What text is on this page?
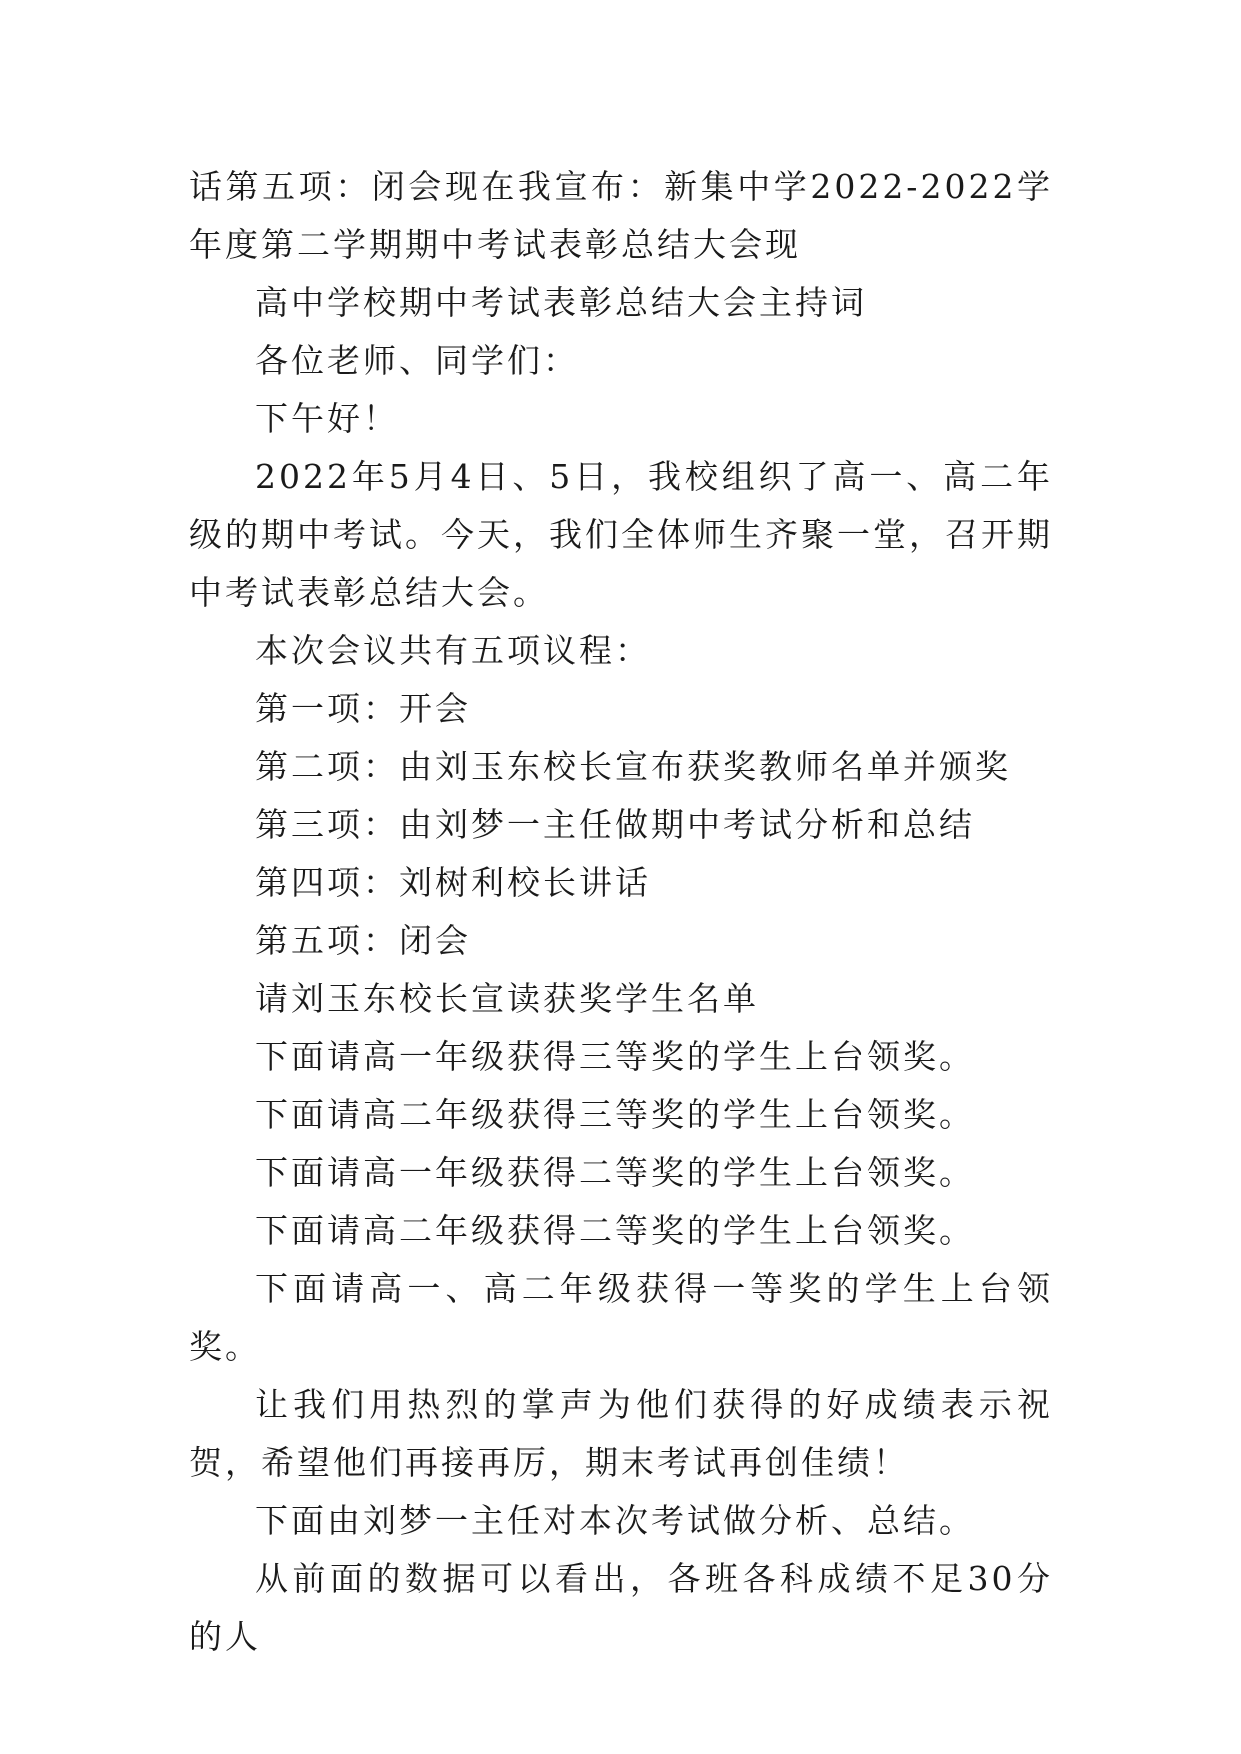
话第五项：闭会现在我宣布：新集中学2022-2022学年度第二学期期中考试表彰总结大会现

高中学校期中考试表彰总结大会主持词

各位老师、同学们：

下午好！

2022年5月4日、5日，我校组织了高一、高二年级的期中考试。今天，我们全体师生齐聚一堂，召开期中考试表彰总结大会。

本次会议共有五项议程：

第一项：开会

第二项：由刘玉东校长宣布获奖教师名单并颁奖

第三项：由刘梦一主任做期中考试分析和总结

第四项：刘树利校长讲话

第五项：闭会

请刘玉东校长宣读获奖学生名单

下面请高一年级获得三等奖的学生上台领奖。

下面请高二年级获得三等奖的学生上台领奖。

下面请高一年级获得二等奖的学生上台领奖。

下面请高二年级获得二等奖的学生上台领奖。

下面请高一、高二年级获得一等奖的学生上台领奖。

让我们用热烈的掌声为他们获得的好成绩表示祝贺，希望他们再接再厉，期末考试再创佳绩！

下面由刘梦一主任对本次考试做分析、总结。

从前面的数据可以看出，各班各科成绩不足30分的人
